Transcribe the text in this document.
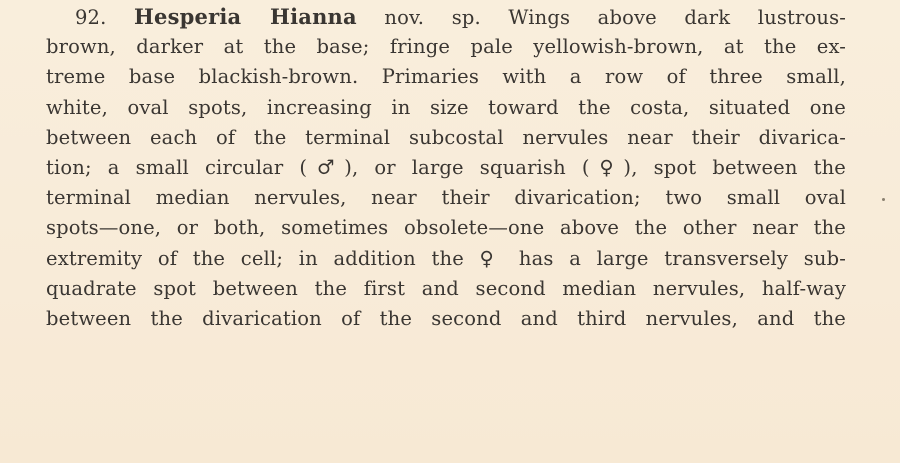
92. Hesperia Hianna nov. sp. Wings above dark lustrous-
brown, darker at the base; fringe pale yellowish-brown, at the ex-
treme base blackish-brown. Primaries with a row of three small,
white, oval spots, increasing in size toward the costa, situated one
between each of the terminal subcostal nervules near their divarica-
tion; a small circular (♂), or large squarish (♀), spot between the
terminal median nervules, near their divarication; two small oval
spots—one, or both, sometimes obsolete—one above the other near the
extremity of the cell; in addition the ♀ has a large transversely sub-
quadrate spot between the first and second median nervules, half-way
between the divarication of the second and third nervules, and the
